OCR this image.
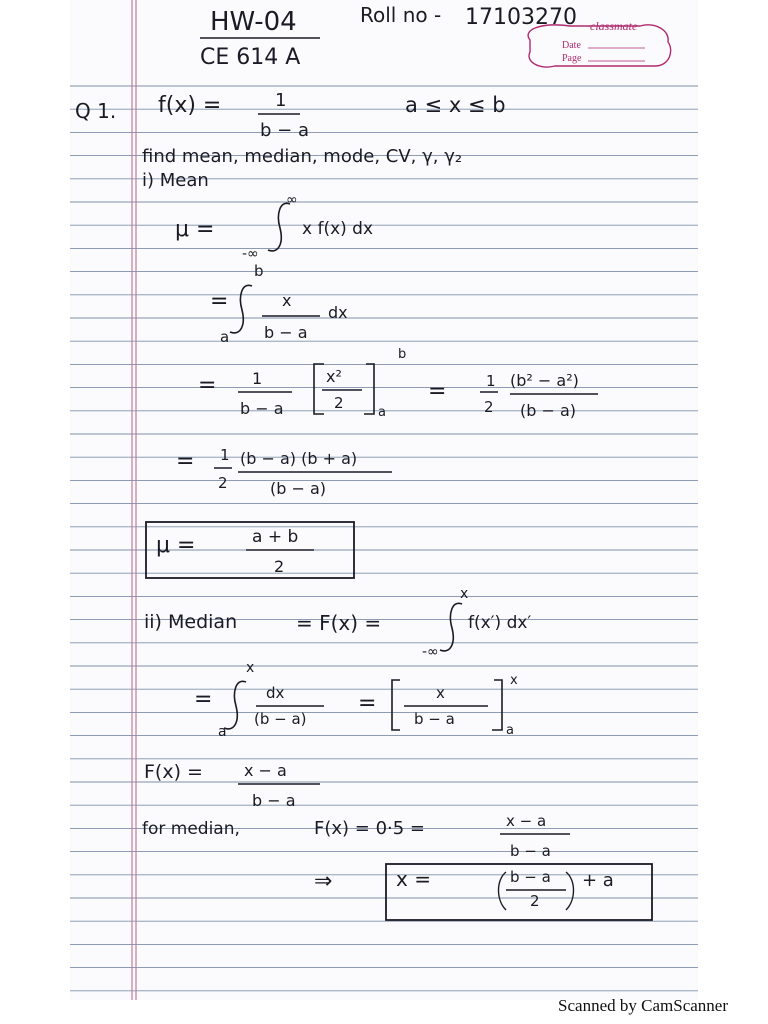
HW-04
CE 614 A
Roll no - 17103270 classmate
Date
Page
Q 1. f(x) =	1
b − a
a ≤ x ≤ b
find mean, median, mode, CV, γ, γ₂
i) Mean
μ =
∞
-∞
x f(x) dx
=
b
a
x
b − a
dx
= 1
b − a
x²
2
b
a
=	1
2
(b² − a²)
(b − a)
= 1
2
(b − a) (b + a)
(b − a)
μ =	a + b
2
ii) Median	= F(x) =
x
-∞
f(x′) dx′
=
x
a
dx
(b − a)
=	x
b − a
x
a
F(x) =	x − a
b − a
for median,	F(x) = 0·5 =	x − a
b − a
⇒	x =	b − a
2
+ a
Scanned by CamScanner
